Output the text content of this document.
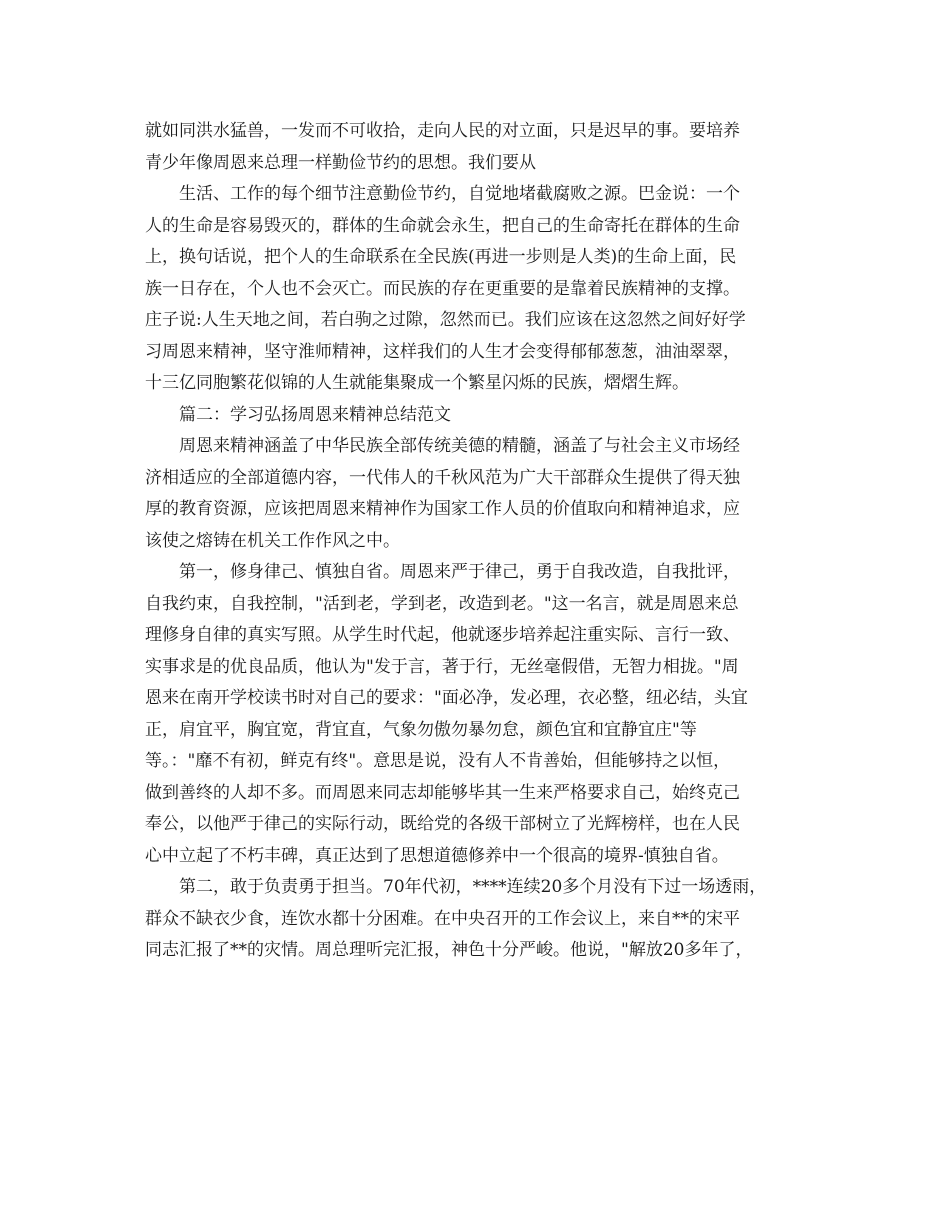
就如同洪水猛兽，一发而不可收拾，走向人民的对立面，只是迟早的事。要培养
青少年像周恩来总理一样勤俭节约的思想。我们要从
生活、工作的每个细节注意勤俭节约，自觉地堵截腐败之源。巴金说：一个
人的生命是容易毁灭的，群体的生命就会永生，把自己的生命寄托在群体的生命
上，换句话说，把个人的生命联系在全民族(再进一步则是人类)的生命上面，民
族一日存在，个人也不会灭亡。而民族的存在更重要的是靠着民族精神的支撑。
庄子说:人生天地之间，若白驹之过隙，忽然而已。我们应该在这忽然之间好好学
习周恩来精神，坚守淮师精神，这样我们的人生才会变得郁郁葱葱，油油翠翠，
十三亿同胞繁花似锦的人生就能集聚成一个繁星闪烁的民族，熠熠生辉。
篇二：学习弘扬周恩来精神总结范文
周恩来精神涵盖了中华民族全部传统美德的精髓，涵盖了与社会主义市场经
济相适应的全部道德内容，一代伟人的千秋风范为广大干部群众生提供了得天独
厚的教育资源，应该把周恩来精神作为国家工作人员的价值取向和精神追求，应
该使之熔铸在机关工作作风之中。
第一，修身律己、慎独自省。周恩来严于律己，勇于自我改造，自我批评，
自我约束，自我控制，"活到老，学到老，改造到老。"这一名言，就是周恩来总
理修身自律的真实写照。从学生时代起，他就逐步培养起注重实际、言行一致、
实事求是的优良品质，他认为"发于言，著于行，无丝毫假借，无智力相拢。"周
恩来在南开学校读书时对自己的要求："面必净，发必理，衣必整，纽必结，头宜
正，肩宜平，胸宜宽，背宜直，气象勿傲勿暴勿怠，颜色宜和宜静宜庄"等
等。："靡不有初，鲜克有终"。意思是说，没有人不肯善始，但能够持之以恒，
做到善终的人却不多。而周恩来同志却能够毕其一生来严格要求自己，始终克己
奉公，以他严于律己的实际行动，既给党的各级干部树立了光辉榜样，也在人民
心中立起了不朽丰碑，真正达到了思想道德修养中一个很高的境界-慎独自省。
第二，敢于负责勇于担当。70年代初，****连续20多个月没有下过一场透雨，
群众不缺衣少食，连饮水都十分困难。在中央召开的工作会议上，来自**的宋平
同志汇报了**的灾情。周总理听完汇报，神色十分严峻。他说，"解放20多年了，
